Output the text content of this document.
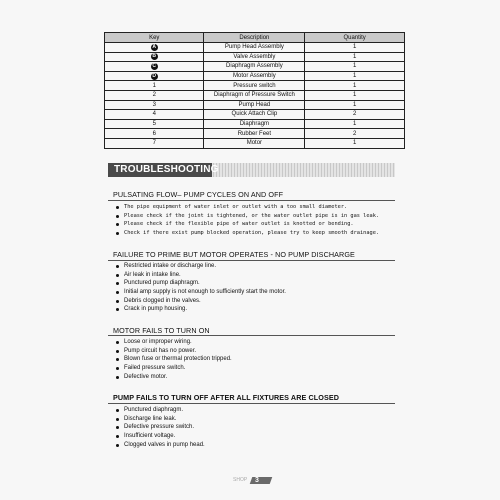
Key	Description	Quantity
A	Pump Head Assembly	1
B	Valve Assembly	1
C	Diaphragm Assembly	1
D	Motor Assembly	1
1	Pressure switch	1
2	Diaphragm of Pressure Switch	1
3	Pump Head	1
4	Quick Attach Clip	2
5	Diaphragm	1
6	Rubber Feet	2
7	Motor	1
TROUBLESHOOTING
PULSATING FLOW– PUMP CYCLES ON AND OFF
The pipe equipment of water inlet or outlet with a too small diameter.
Please check if the joint is tightened, or the water outlet pipe is in gas leak.
Please check if the flexible pipe of water outlet is knotted or bending.
Check if there exist pump blocked operation, please try to keep smooth drainage.
FAILURE TO PRIME BUT MOTOR OPERATES - NO PUMP DISCHARGE
Restricted intake or discharge line.
Air leak in intake line.
Punctured pump diaphragm.
Initial amp supply is not enough to sufficiently start the motor.
Debris clogged in the valves.
Crack in pump housing.
MOTOR FAILS TO TURN ON
Loose or improper wiring.
Pump circuit has no power.
Blown fuse or thermal protection tripped.
Failed pressure switch.
Defective motor.
PUMP FAILS TO TURN OFF AFTER ALL FIXTURES ARE CLOSED
Punctured diaphragm.
Discharge line leak.
Defective pressure switch.
Insufficient voltage.
Clogged valves in pump head.
SHOP 3
